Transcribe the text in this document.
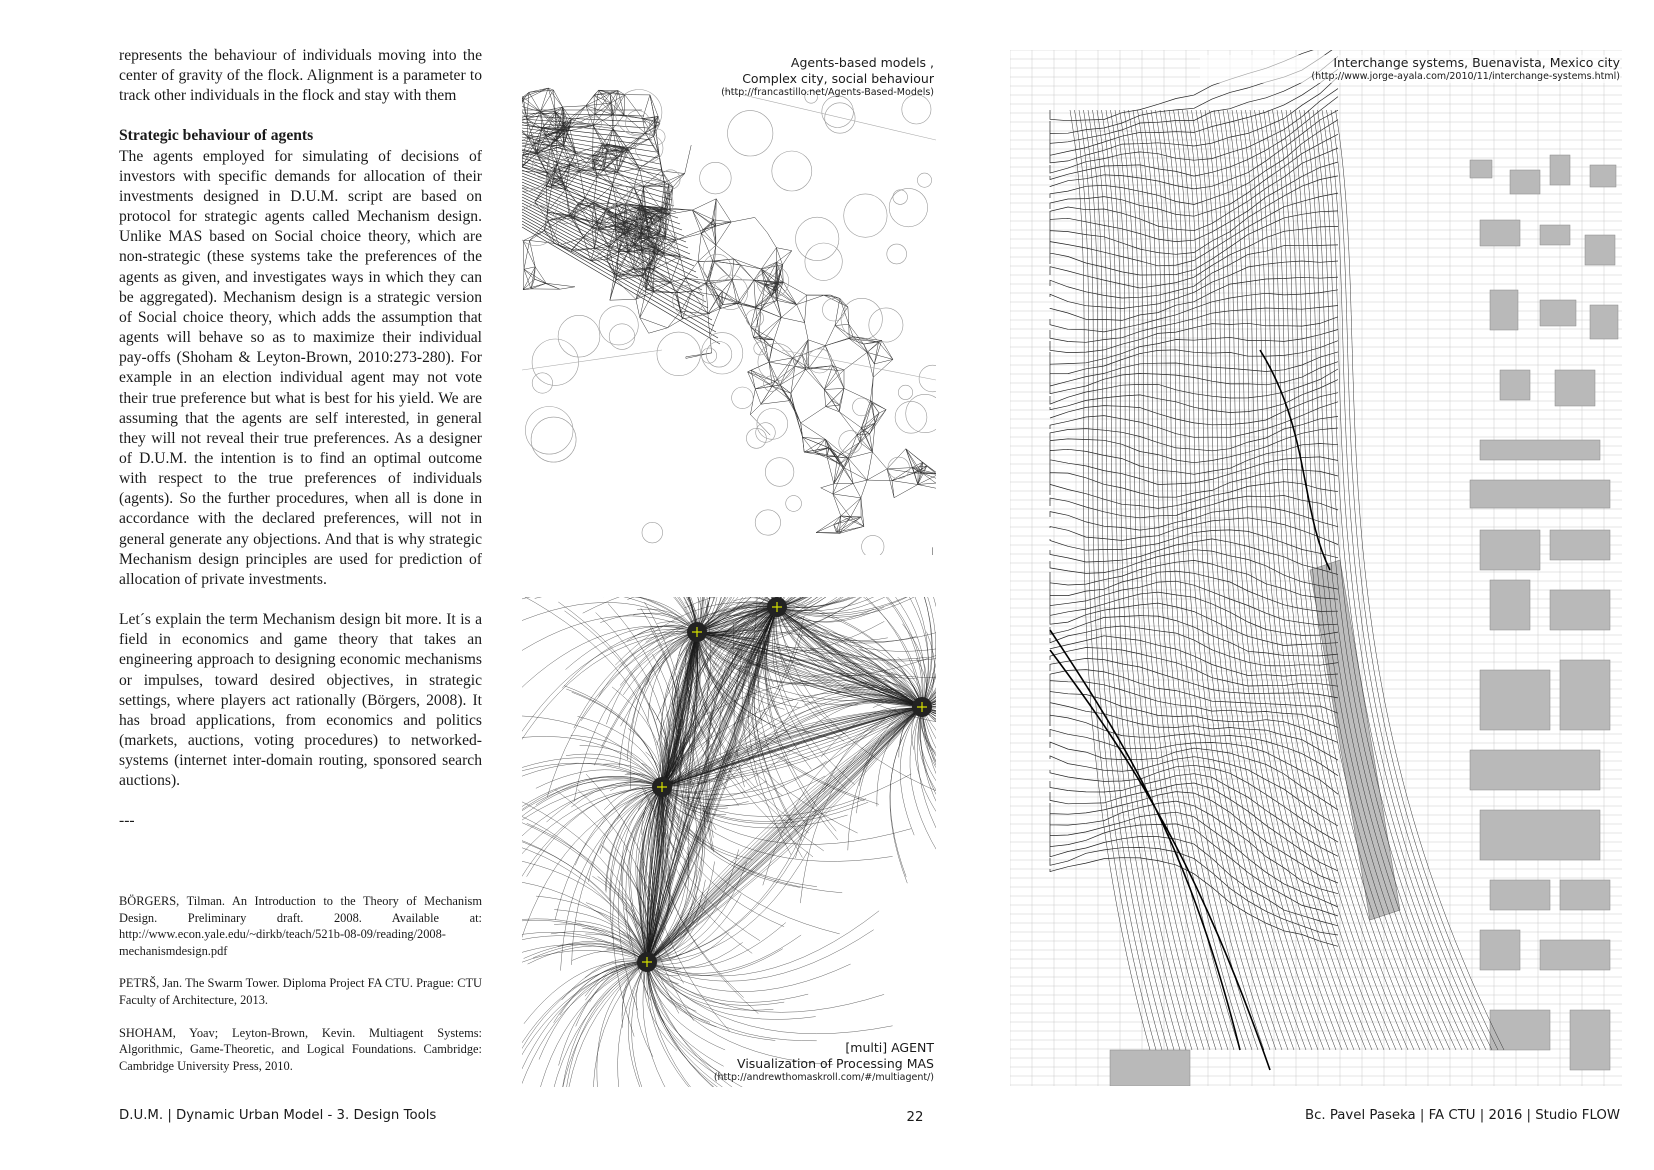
represents the behaviour of individuals moving into the center of gravity of the flock. Alignment is a parameter to track other individuals in the flock and stay with them

Strategic behaviour of agents

The agents employed for simulating of decisions of investors with specific demands for allocation of their investments designed in D.U.M. script are based on protocol for strategic agents called Mechanism design. Unlike MAS based on Social choice theory, which are non-strategic (these systems take the preferences of the agents as given, and investigates ways in which they can be aggregated). Mechanism design is a strategic version of Social choice theory, which adds the assumption that agents will behave so as to maximize their individual pay-offs (Shoham & Leyton-Brown, 2010:273-280). For example in an election individual agent may not vote their true preference but what is best for his yield. We are assuming that the agents are self interested, in general they will not reveal their true preferences. As a designer of D.U.M. the intention is to find an optimal outcome with respect to the true preferences of individuals (agents). So the further procedures, when all is done in accordance with the declared preferences, will not in general generate any objections. And that is why strategic Mechanism design principles are used for prediction of allocation of private investments.

Let´s explain the term Mechanism design bit more. It is a field in economics and game theory that takes an engineering approach to designing economic mechanisms or impulses, toward desired objectives, in strategic settings, where players act rationally (Börgers, 2008). It has broad applications, from economics and politics (markets, auctions, voting procedures) to networked-systems (internet inter-domain routing, sponsored search auctions).

---

BÖRGERS, Tilman. An Introduction to the Theory of Mechanism Design. Preliminary draft. 2008. Available at: http://www.econ.yale.edu/~dirkb/teach/521b-08-09/reading/2008-mechanismdesign.pdf

PETRŠ, Jan. The Swarm Tower. Diploma Project FA CTU. Prague: CTU Faculty of Architecture, 2013.

SHOHAM, Yoav; Leyton-Brown, Kevin. Multiagent Systems: Algorithmic, Game-Theoretic, and Logical Foundations. Cambridge: Cambridge University Press, 2010.

Agents-based models ,
Complex city, social behaviour
(http://francastillo.net/Agents-Based-Models)
[multi] AGENT
Visualization of Processing MAS
(http://andrewthomaskroll.com/#/multiagent/)
Interchange systems, Buenavista, Mexico city
(http://www.jorge-ayala.com/2010/11/interchange-systems.html)
D.U.M. | Dynamic Urban Model - 3. Design Tools	22	Bc. Pavel Paseka | FA CTU | 2016 | Studio FLOW
